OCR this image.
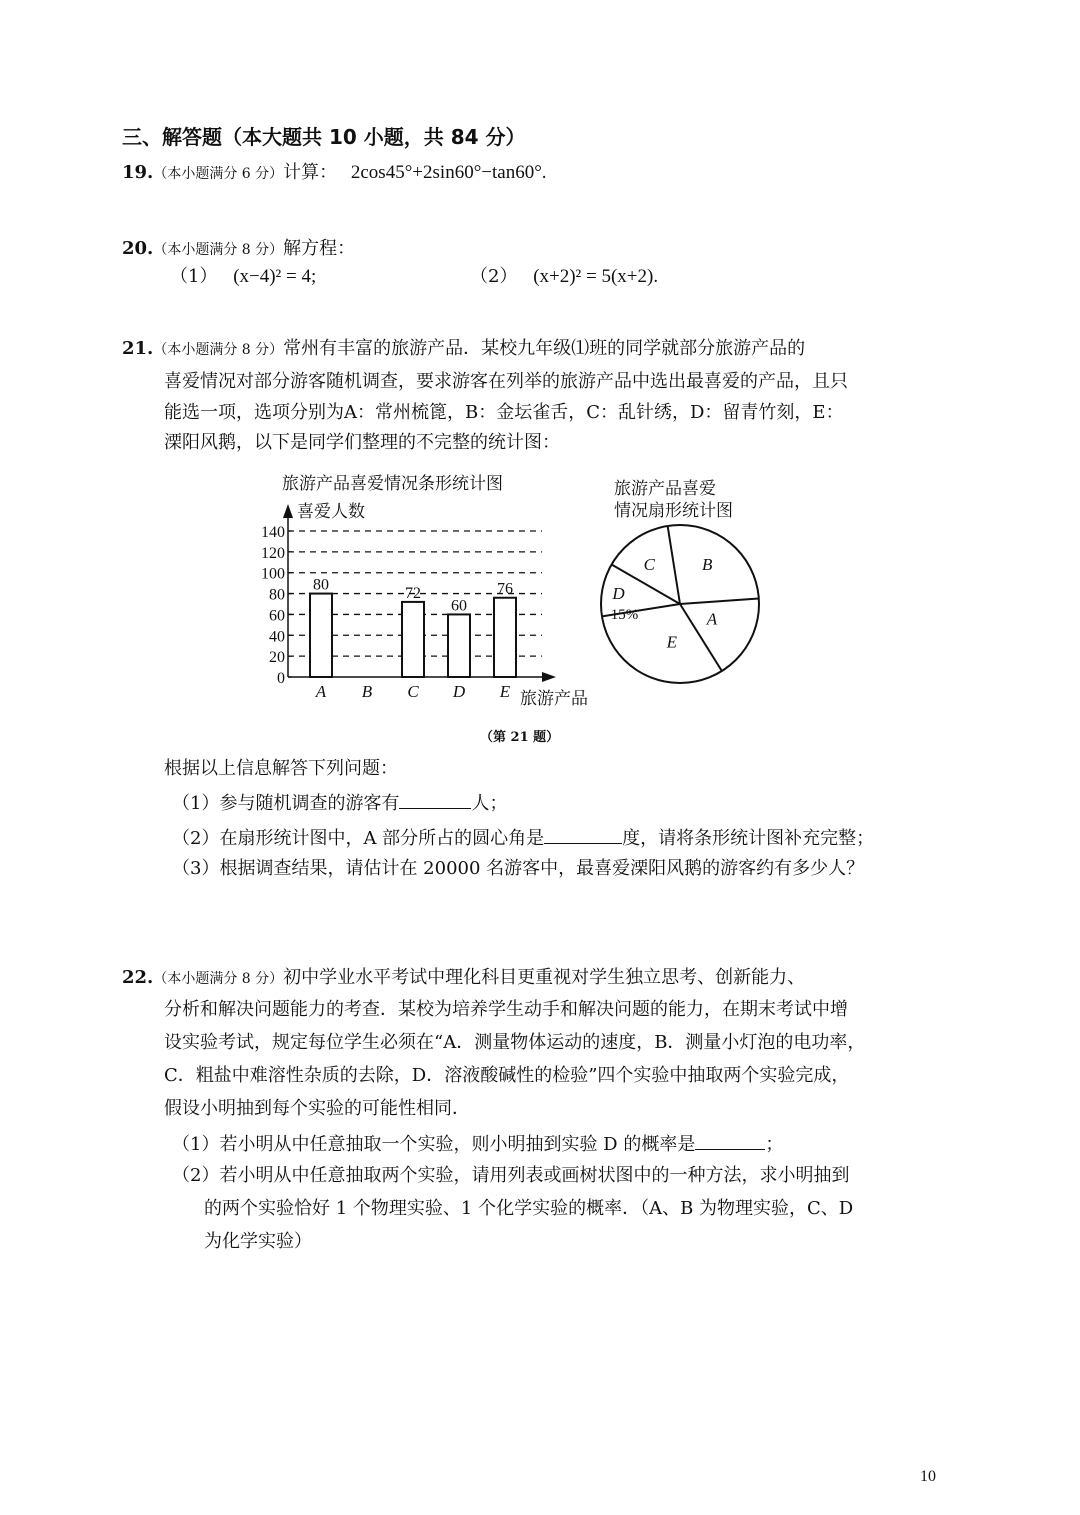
三、解答题（本大题共 10 小题，共 84 分）
19.（本小题满分 6 分）计算： 2cos45°+2sin60°−tan60°.
20.（本小题满分 8 分）解方程：
（1） (x−4)² = 4;	（2） (x+2)² = 5(x+2).
21.（本小题满分 8 分）常州有丰富的旅游产品．某校九年级⑴班的同学就部分旅游产品的
喜爱情况对部分游客随机调查，要求游客在列举的旅游产品中选出最喜爱的产品，且只
能选一项，选项分别为A：常州梳篦，B：金坛雀舌，C：乱针绣，D：留青竹刻，E：
溧阳风鹅，以下是同学们整理的不完整的统计图：
旅游产品喜爱情况条形统计图
喜爱人数
旅游产品
0
20
40
60
80
100
120
140
80	72
60
76
A B C D E
旅游产品喜爱
情况扇形统计图
A
B
C
D
15%
E
（第 21 题）
根据以上信息解答下列问题：
（1）参与随机调查的游客有	人；
（2）在扇形统计图中，A 部分所占的圆心角是	度，请将条形统计图补充完整；
（3）根据调查结果，请估计在 20000 名游客中，最喜爱溧阳风鹅的游客约有多少人？
22.（本小题满分 8 分）初中学业水平考试中理化科目更重视对学生独立思考、创新能力、
分析和解决问题能力的考查．某校为培养学生动手和解决问题的能力，在期末考试中增
设实验考试，规定每位学生必须在“A．测量物体运动的速度，B．测量小灯泡的电功率，
C．粗盐中难溶性杂质的去除，D．溶液酸碱性的检验”四个实验中抽取两个实验完成，
假设小明抽到每个实验的可能性相同．
（1）若小明从中任意抽取一个实验，则小明抽到实验 D 的概率是	；
（2）若小明从中任意抽取两个实验，请用列表或画树状图中的一种方法，求小明抽到
的两个实验恰好 1 个物理实验、1 个化学实验的概率．（A、B 为物理实验，C、D
为化学实验）
10
